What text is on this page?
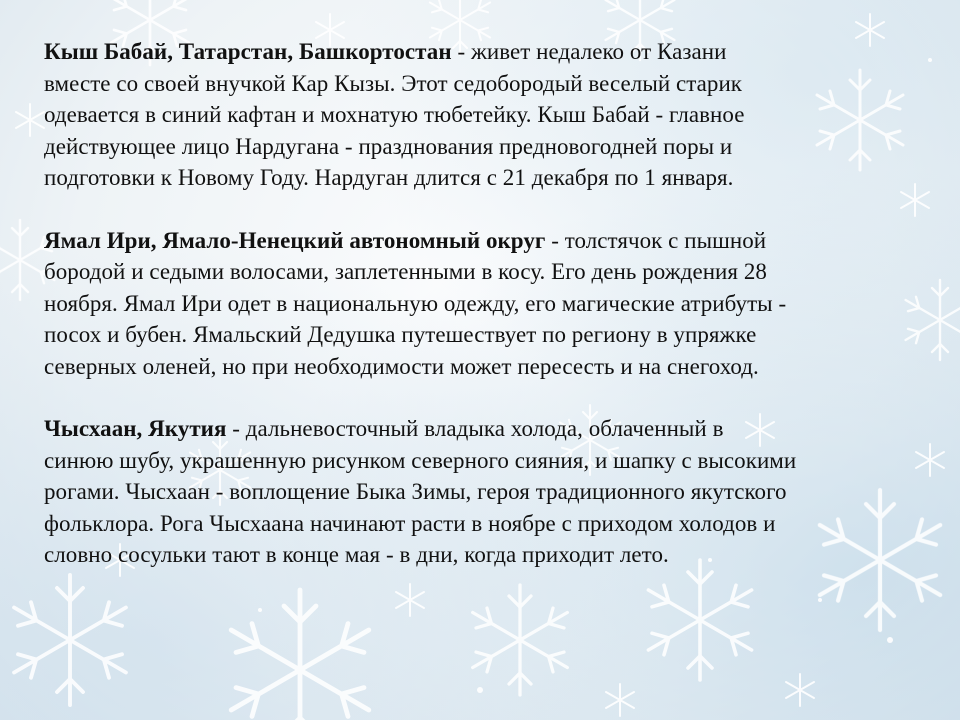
Кыш Бабай, Татарстан, Башкортостан - живет недалеко от Казани
вместе со своей внучкой Кар Кызы. Этот седобородый веселый старик
одевается в синий кафтан и мохнатую тюбетейку. Кыш Бабай - главное
действующее лицо Нардугана - празднования предновогодней поры и
подготовки к Новому Году. Нардуган длится с 21 декабря по 1 января.

Ямал Ири, Ямало-Ненецкий автономный округ - толстячок с пышной
бородой и седыми волосами, заплетенными в косу. Его день рождения 28
ноября. Ямал Ири одет в национальную одежду, его магические атрибуты -
посох и бубен. Ямальский Дедушка путешествует по региону в упряжке
северных оленей, но при необходимости может пересесть и на снегоход.

Чысхаан, Якутия - дальневосточный владыка холода, облаченный в
синюю шубу, украшенную рисунком северного сияния, и шапку с высокими
рогами. Чысхаан - воплощение Быка Зимы, героя традиционного якутского
фольклора. Рога Чысхаана начинают расти в ноябре с приходом холодов и
словно сосульки тают в конце мая - в дни, когда приходит лето.
